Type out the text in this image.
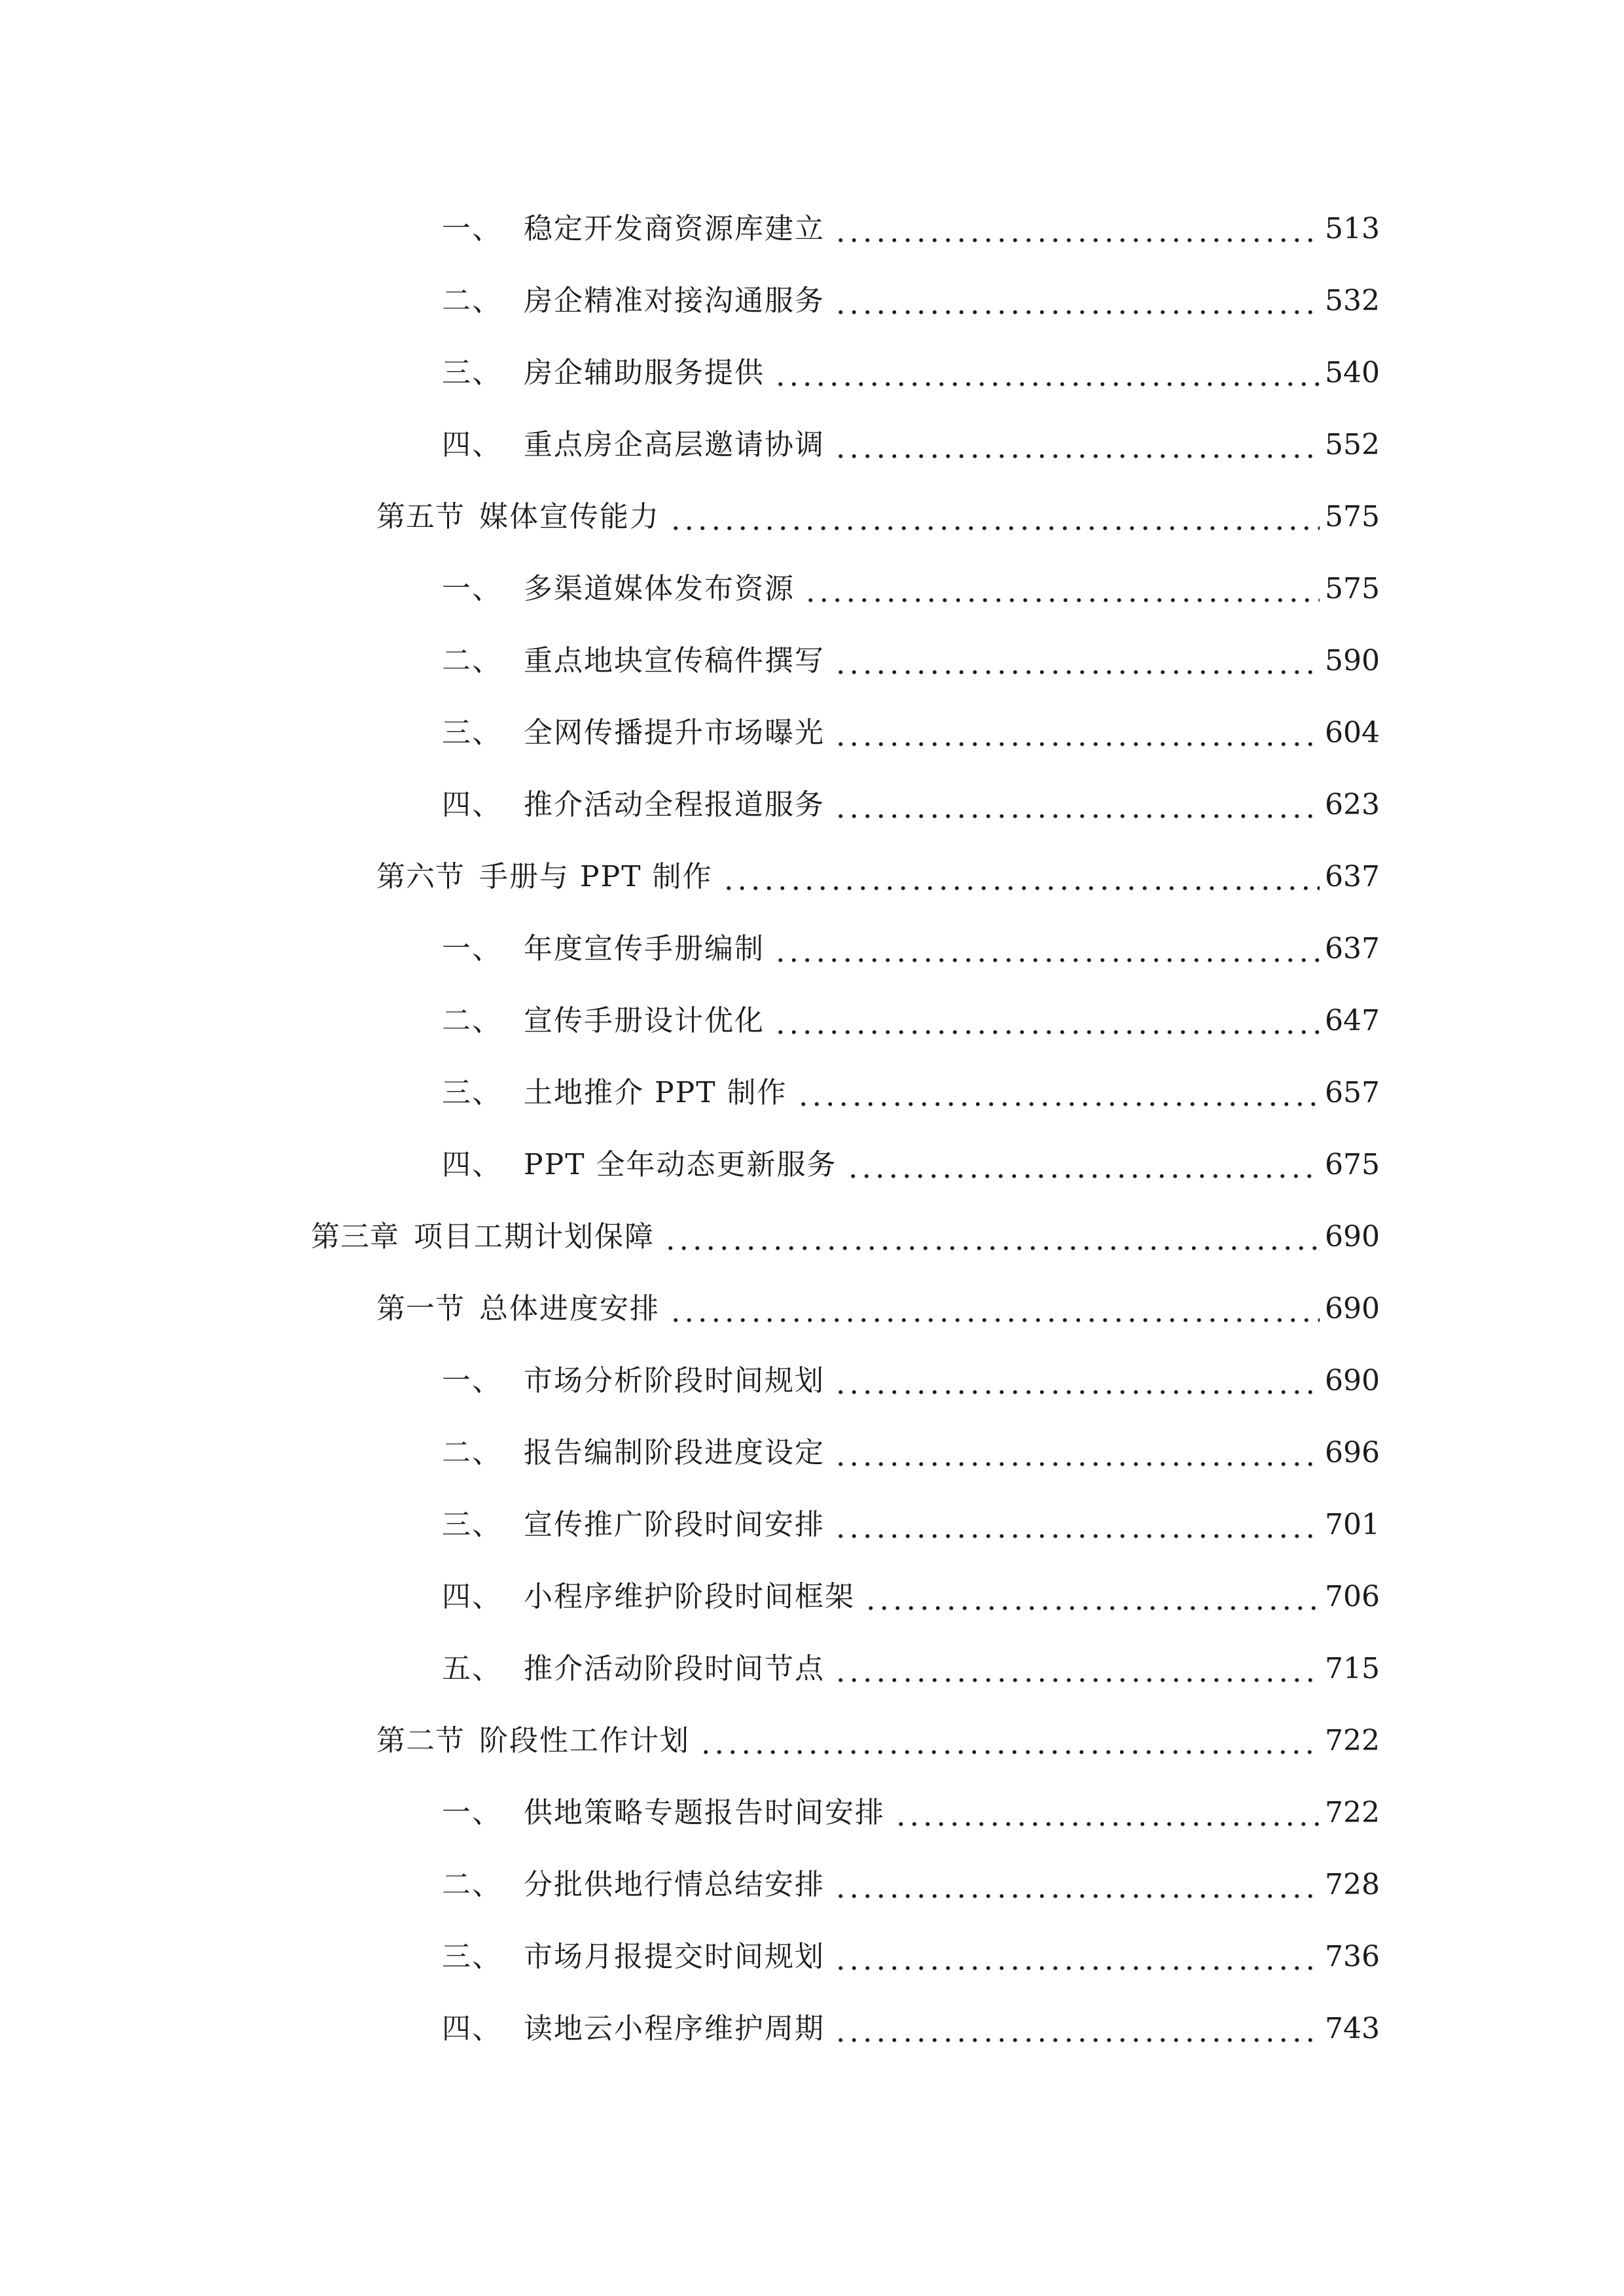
一、 稳定开发商资源库建立	513
二、 房企精准对接沟通服务	532
三、 房企辅助服务提供	540
四、 重点房企高层邀请协调	552
第五节 媒体宣传能力	575
一、 多渠道媒体发布资源	575
二、 重点地块宣传稿件撰写	590
三、 全网传播提升市场曝光	604
四、 推介活动全程报道服务	623
第六节 手册与 PPT 制作	637
一、 年度宣传手册编制	637
二、 宣传手册设计优化	647
三、 土地推介 PPT 制作	657
四、 PPT 全年动态更新服务	675
第三章 项目工期计划保障	690
第一节 总体进度安排	690
一、 市场分析阶段时间规划	690
二、 报告编制阶段进度设定	696
三、 宣传推广阶段时间安排	701
四、 小程序维护阶段时间框架	706
五、 推介活动阶段时间节点	715
第二节 阶段性工作计划	722
一、 供地策略专题报告时间安排	722
二、 分批供地行情总结安排	728
三、 市场月报提交时间规划	736
四、 读地云小程序维护周期	743
